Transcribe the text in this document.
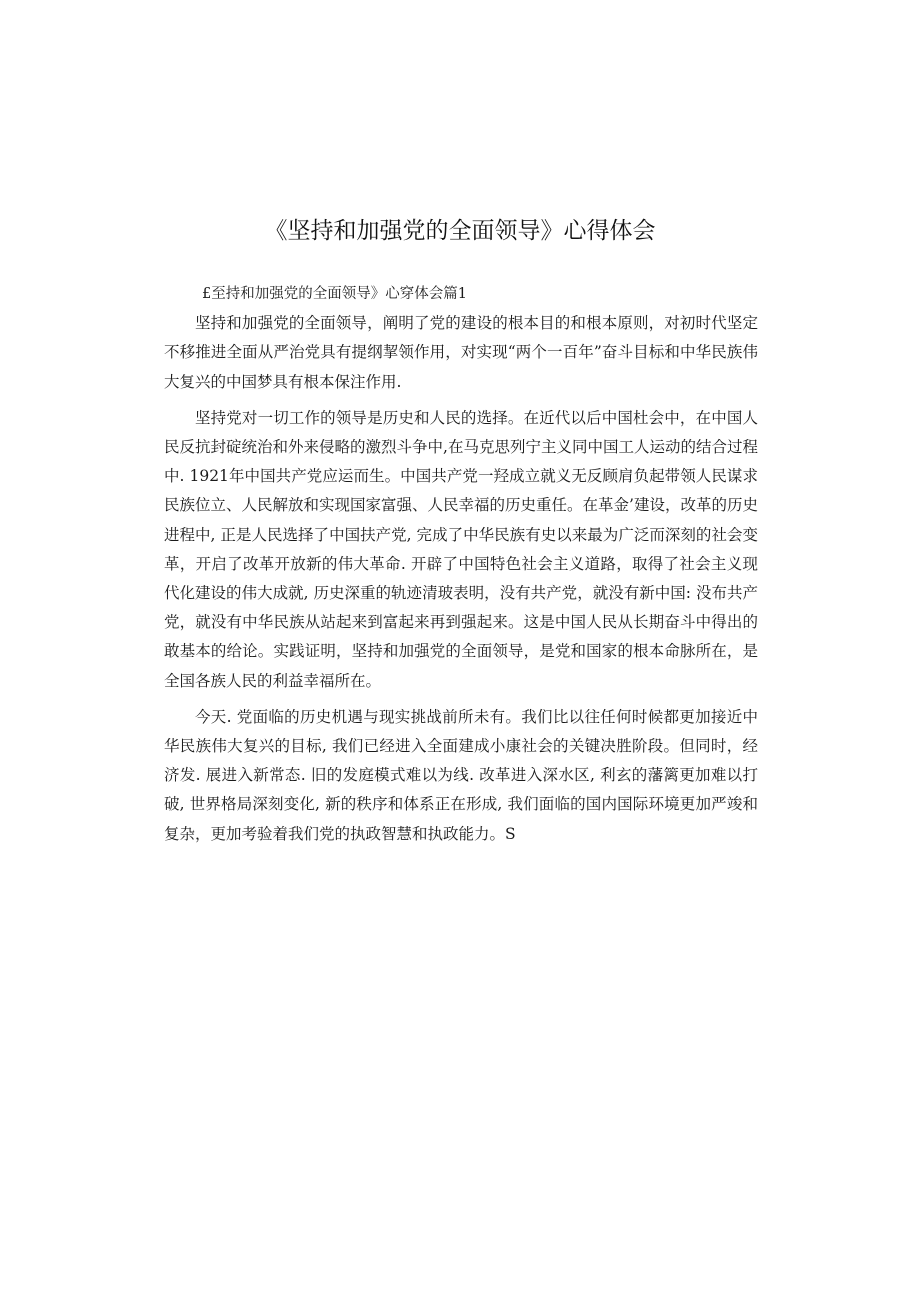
《坚持和加强党的全面领导》心得体会

£至持和加强党的全面领导》心穿体会篇1

坚持和加强党的全面领导，阐明了党的建设的根本目的和根本原则，对初时代坚定不移推进全面从严治党具有提纲挈领作用，对实现“两个一百年”奋斗目标和中华民族伟大复兴的中国梦具有根本保注作用.

坚持党对一切工作的领导是历史和人民的选择。在近代以后中国杜会中，在中国人民反抗封碇统治和外来侵略的激烈斗争中,在马克思列宁主义同中国工人运动的结合过程中. 1921年中国共产党应运而生。中国共产党一羟成立就义无反顾肩负起带领人民谋求民族位立、人民解放和实现国家富强、人民幸福的历史重任。在革金’建设，改革的历史进程中, 正是人民选择了中国扶产党, 完成了中华民族有史以来最为广泛而深刻的社会变革，开启了改革开放新的伟大革命. 开辟了中国特色社会主义道路，取得了社会主义现代化建设的伟大成就, 历史深重的轨迹清玻表明，没有共产党，就没有新中国: 没布共产党，就没有中华民族从站起来到富起来再到强起来。这是中国人民从长期奋斗中得出的敢基本的给论。实践证明，坚持和加强党的全面领导，是党和国家的根本命脉所在，是全国各族人民的利益幸福所在。

今天. 党面临的历史机遇与现实挑战前所未有。我们比以往任何时候都更加接近中华民族伟大复兴的目标, 我们已经进入全面建成小康社会的关键决胜阶段。但同时，经济发. 展进入新常态. 旧的发庭模式难以为线. 改革进入深水区, 利玄的藩篱更加难以打破, 世界格局深刻变化, 新的秩序和体系正在形成, 我们面临的国内国际环境更加严竣和复杂，更加考验着我们党的执政智慧和执政能力。S
